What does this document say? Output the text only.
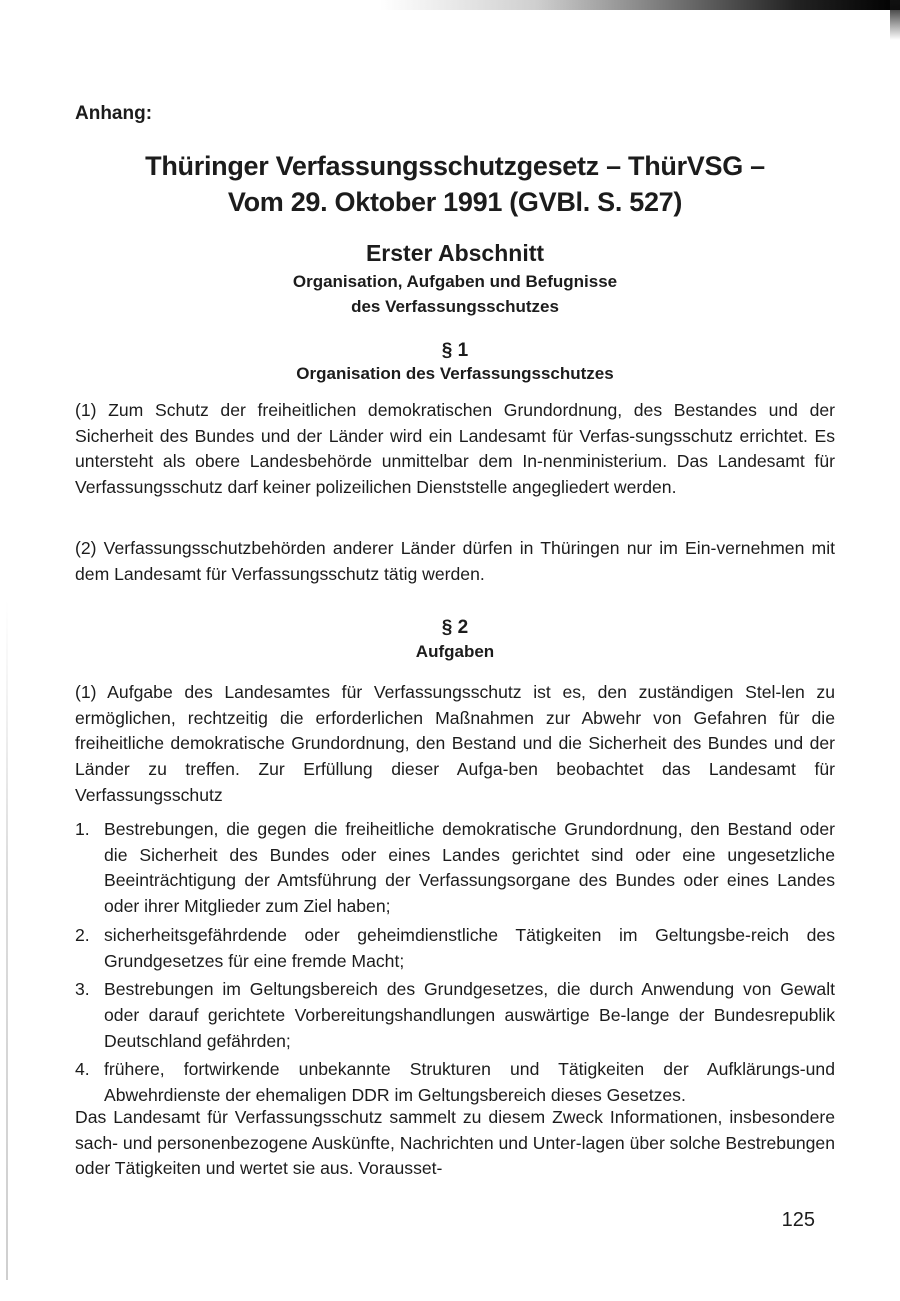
Anhang:
Thüringer Verfassungsschutzgesetz – ThürVSG –
Vom 29. Oktober 1991 (GVBl. S. 527)
Erster Abschnitt
Organisation, Aufgaben und Befugnisse
des Verfassungsschutzes
§ 1
Organisation des Verfassungsschutzes

(1) Zum Schutz der freiheitlichen demokratischen Grundordnung, des Bestandes und der Sicherheit des Bundes und der Länder wird ein Landesamt für Verfas-sungsschutz errichtet. Es untersteht als obere Landesbehörde unmittelbar dem In-nenministerium. Das Landesamt für Verfassungsschutz darf keiner polizeilichen Dienststelle angegliedert werden.

(2) Verfassungsschutzbehörden anderer Länder dürfen in Thüringen nur im Ein-vernehmen mit dem Landesamt für Verfassungsschutz tätig werden.

§ 2
Aufgaben

(1) Aufgabe des Landesamtes für Verfassungsschutz ist es, den zuständigen Stel-len zu ermöglichen, rechtzeitig die erforderlichen Maßnahmen zur Abwehr von Gefahren für die freiheitliche demokratische Grundordnung, den Bestand und die Sicherheit des Bundes und der Länder zu treffen. Zur Erfüllung dieser Aufga-ben beobachtet das Landesamt für Verfassungsschutz

1. Bestrebungen, die gegen die freiheitliche demokratische Grundordnung, den Bestand oder die Sicherheit des Bundes oder eines Landes gerichtet sind oder eine ungesetzliche Beeinträchtigung der Amtsführung der Verfassungsorgane des Bundes oder eines Landes oder ihrer Mitglieder zum Ziel haben;
2. sicherheitsgefährdende oder geheimdienstliche Tätigkeiten im Geltungsbe-reich des Grundgesetzes für eine fremde Macht;
3. Bestrebungen im Geltungsbereich des Grundgesetzes, die durch Anwendung von Gewalt oder darauf gerichtete Vorbereitungshandlungen auswärtige Be-lange der Bundesrepublik Deutschland gefährden;
4. frühere, fortwirkende unbekannte Strukturen und Tätigkeiten der Aufklärungs-und Abwehrdienste der ehemaligen DDR im Geltungsbereich dieses Gesetzes.

Das Landesamt für Verfassungsschutz sammelt zu diesem Zweck Informationen, insbesondere sach- und personenbezogene Auskünfte, Nachrichten und Unter-lagen über solche Bestrebungen oder Tätigkeiten und wertet sie aus. Vorausset-

125
